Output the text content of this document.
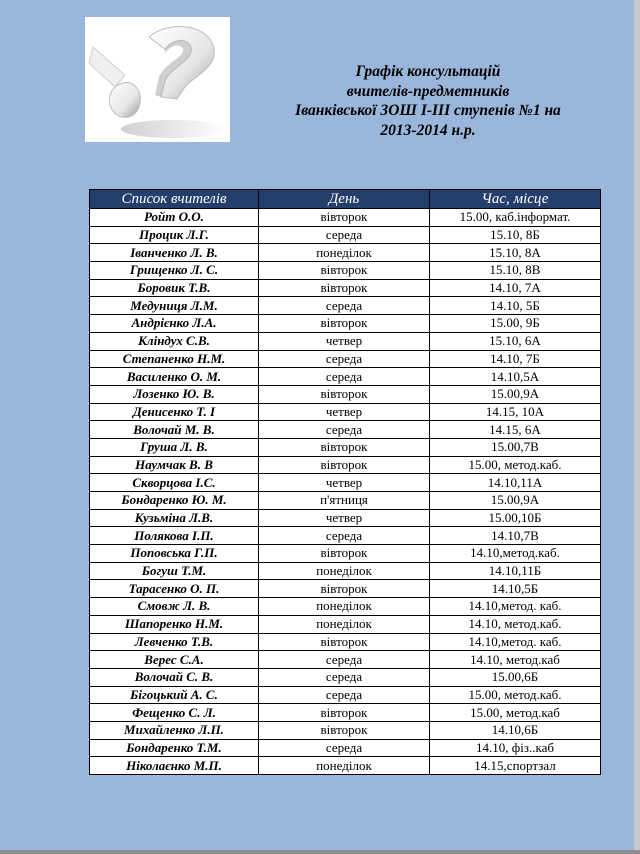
Графік консультацій
вчителів-предметників
Іванківської ЗОШ І-ІІІ ступенів №1 на
2013-2014 н.р.
Список вчителів	День	Час, місце
Ройт О.О.	вівторок	15.00, каб.інформат.
Процик Л.Г.	середа	15.10, 8Б
Іванченко Л. В.	понеділок	15.10, 8А
Грищенко Л. С.	вівторок	15.10, 8В
Боровик Т.В.	вівторок	14.10, 7А
Медуниця Л.М.	середа	14.10, 5Б
Андрієнко Л.А.	вівторок	15.00, 9Б
Кліндух С.В.	четвер	15.10, 6А
Степаненко Н.М.	середа	14.10, 7Б
Василенко О. М.	середа	14.10,5А
Лозенко Ю. В.	вівторок	15.00,9А
Денисенко Т. І	четвер	14.15, 10А
Волочай М. В.	середа	14.15, 6А
Груша Л. В.	вівторок	15.00,7В
Наумчак В. В	вівторок	15.00, метод.каб.
Скворцова І.С.	четвер	14.10,11А
Бондаренко Ю. М.	п'ятниця	15.00,9А
Кузьміна Л.В.	четвер	15.00,10Б
Полякова І.П.	середа	14.10,7В
Поповська Г.П.	вівторок	14.10,метод.каб.
Богуш Т.М.	понеділок	14.10,11Б
Тарасенко О. П.	вівторок	14.10,5Б
Смовж Л. В.	понеділок	14.10,метод. каб.
Шапоренко Н.М.	понеділок	14.10, метод.каб.
Левченко Т.В.	вівторок	14.10,метод. каб.
Верес С.А.	середа	14.10, метод.каб
Волочай С. В.	середа	15.00,6Б
Бігоцький А. С.	середа	15.00, метод.каб.
Фещенко С. Л.	вівторок	15.00, метод.каб
Михайленко Л.П.	вівторок	14.10,6Б
Бондаренко Т.М.	середа	14.10, фіз..каб
Ніколаєнко М.П.	понеділок	14.15,спортзал
